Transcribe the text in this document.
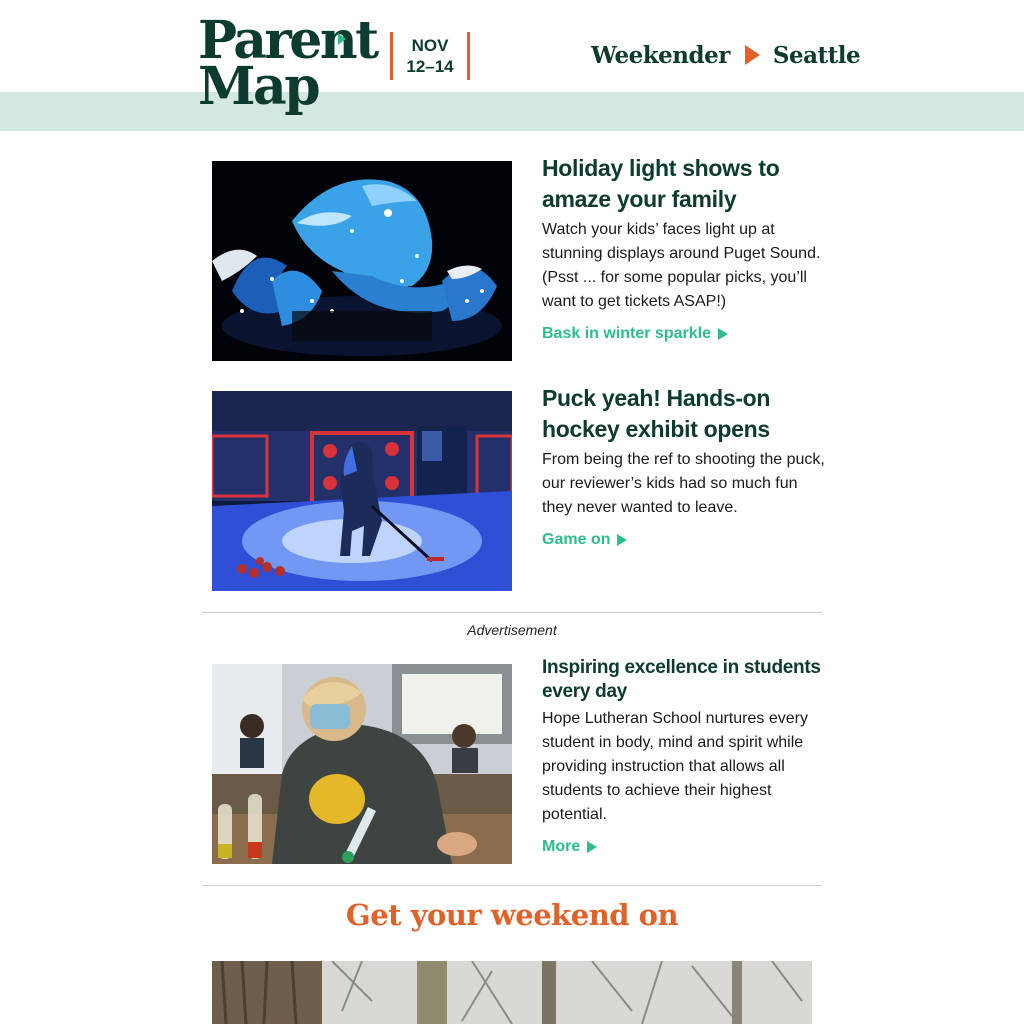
Parent
Map
NOV
12–14	Weekender Seattle
Holiday light shows to amaze your family
Watch your kids’ faces light up at stunning displays around Puget Sound. (Psst ... for some popular picks, you’ll want to get tickets ASAP!)
Bask in winter sparkle
Puck yeah! Hands-on hockey exhibit opens
From being the ref to shooting the puck, our reviewer’s kids had so much fun they never wanted to leave.
Game on
Advertisement
Inspiring excellence in students every day
Hope Lutheran School nurtures every student in body, mind and spirit while providing instruction that allows all students to achieve their highest potential.
More
Get your weekend on
